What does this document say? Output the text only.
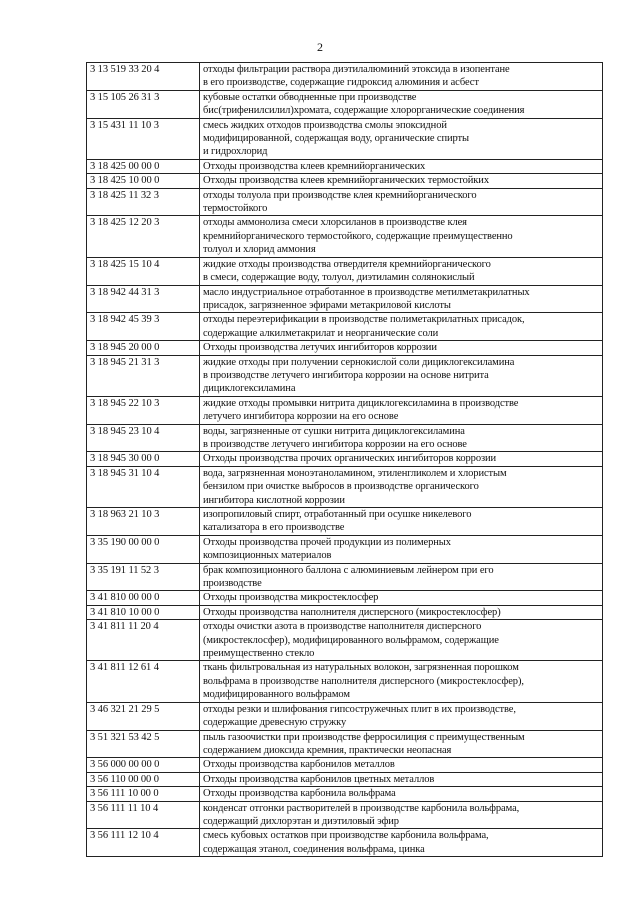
2
3 13 519 33 20 4	отходы фильтрации раствора диэтилалюминий этоксида в изопентане
в его производстве, содержащие гидроксид алюминия и асбест
3 15 105 26 31 3	кубовые остатки обводненные при производстве
бис(трифенилсилил)хромата, содержащие хлорорганические соединения
3 15 431 11 10 3	смесь жидких отходов производства смолы эпоксидной
модифицированной, содержащая воду, органические спирты
и гидрохлорид
3 18 425 00 00 0	Отходы производства клеев кремнийорганических
3 18 425 10 00 0	Отходы производства клеев кремнийорганических термостойких
3 18 425 11 32 3	отходы толуола при производстве клея кремнийорганического
термостойкого
3 18 425 12 20 3	отходы аммонолиза смеси хлорсиланов в производстве клея
кремнийорганического термостойкого, содержащие преимущественно
толуол и хлорид аммония
3 18 425 15 10 4	жидкие отходы производства отвердителя кремнийорганического
в смеси, содержащие воду, толуол, диэтиламин солянокислый
3 18 942 44 31 3	масло индустриальное отработанное в производстве метилметакрилатных
присадок, загрязненное эфирами метакриловой кислоты
3 18 942 45 39 3	отходы переэтерификации в производстве полиметакрилатных присадок,
содержащие алкилметакрилат и неорганические соли
3 18 945 20 00 0	Отходы производства летучих ингибиторов коррозии
3 18 945 21 31 3	жидкие отходы при получении сернокислой соли дициклогексиламина
в производстве летучего ингибитора коррозии на основе нитрита
дициклогексиламина
3 18 945 22 10 3	жидкие отходы промывки нитрита дициклогексиламина в производстве
летучего ингибитора коррозии на его основе
3 18 945 23 10 4	воды, загрязненные от сушки нитрита дициклогексиламина
в производстве летучего ингибитора коррозии на его основе
3 18 945 30 00 0	Отходы производства прочих органических ингибиторов коррозии
3 18 945 31 10 4	вода, загрязненная моноэтаноламином, этиленгликолем и хлористым
бензилом при очистке выбросов в производстве органического
ингибитора кислотной коррозии
3 18 963 21 10 3	изопропиловый спирт, отработанный при осушке никелевого
катализатора в его производстве
3 35 190 00 00 0	Отходы производства прочей продукции из полимерных
композиционных материалов
3 35 191 11 52 3	брак композиционного баллона с алюминиевым лейнером при его
производстве
3 41 810 00 00 0	Отходы производства микростеклосфер
3 41 810 10 00 0	Отходы производства наполнителя дисперсного (микростеклосфер)
3 41 811 11 20 4	отходы очистки азота в производстве наполнителя дисперсного
(микростеклосфер), модифицированного вольфрамом, содержащие
преимущественно стекло
3 41 811 12 61 4	ткань фильтровальная из натуральных волокон, загрязненная порошком
вольфрама в производстве наполнителя дисперсного (микростеклосфер),
модифицированного вольфрамом
3 46 321 21 29 5	отходы резки и шлифования гипсостружечных плит в их производстве,
содержащие древесную стружку
3 51 321 53 42 5	пыль газоочистки при производстве ферросилиция с преимущественным
содержанием диоксида кремния, практически неопасная
3 56 000 00 00 0	Отходы производства карбонилов металлов
3 56 110 00 00 0	Отходы производства карбонилов цветных металлов
3 56 111 10 00 0	Отходы производства карбонила вольфрама
3 56 111 11 10 4	конденсат отгонки растворителей в производстве карбонила вольфрама,
содержащий дихлорэтан и диэтиловый эфир
3 56 111 12 10 4	смесь кубовых остатков при производстве карбонила вольфрама,
содержащая этанол, соединения вольфрама, цинка
